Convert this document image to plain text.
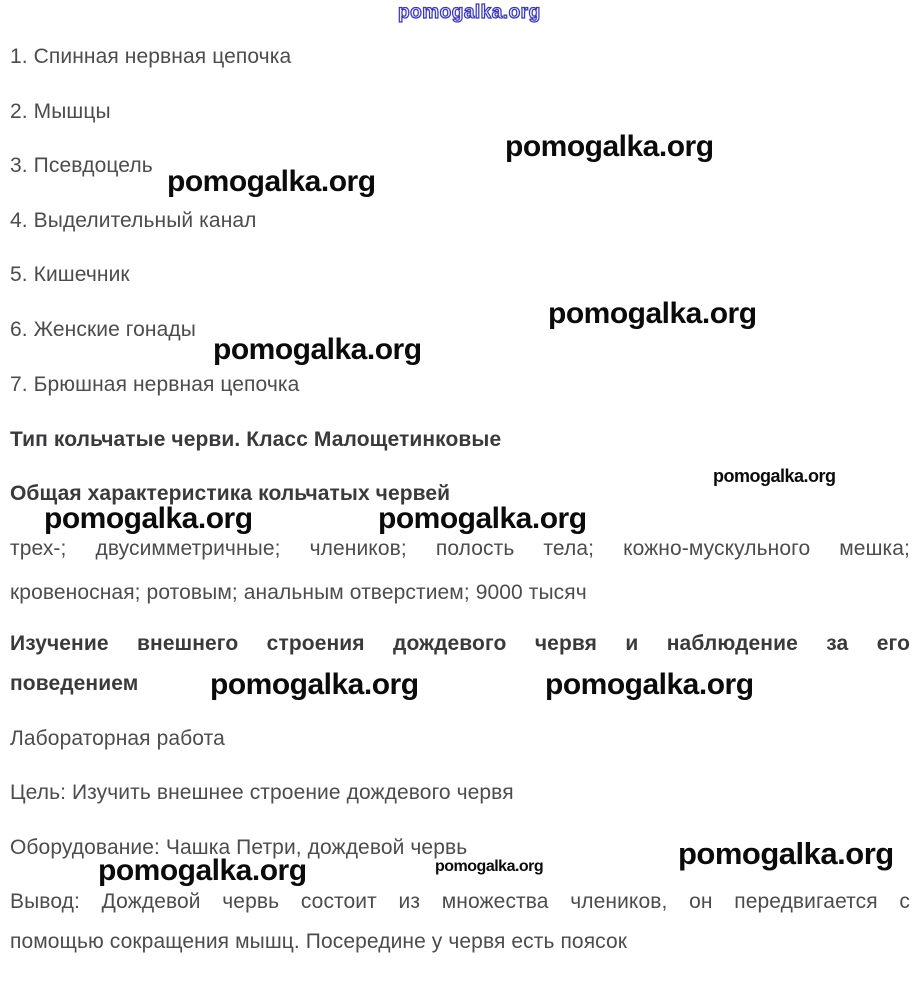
1. Спинная нервная цепочка
2. Мышцы
3. Псевдоцель
4. Выделительный канал
5. Кишечник
6. Женские гонады
7. Брюшная нервная цепочка
Тип кольчатые черви. Класс Малощетинковые
Общая характеристика кольчатых червей
трех-; двусимметричные; члеников; полость тела; кожно-мускульного мешка;
кровеносная; ротовым; анальным отверстием; 9000 тысяч
Изучение внешнего строения дождевого червя и наблюдение за его
поведением
Лабораторная работа
Цель: Изучить внешнее строение дождевого червя
Оборудование: Чашка Петри, дождевой червь
Вывод: Дождевой червь состоит из множества члеников, он передвигается с
помощью сокращения мышц. Посередине у червя есть поясок
pomogalka.org
pomogalka.org
pomogalka.org
pomogalka.org
pomogalka.org
pomogalka.org
pomogalka.org	pomogalka.org
pomogalka.org	pomogalka.org
pomogalka.org
pomogalka.org	pomogalka.org
